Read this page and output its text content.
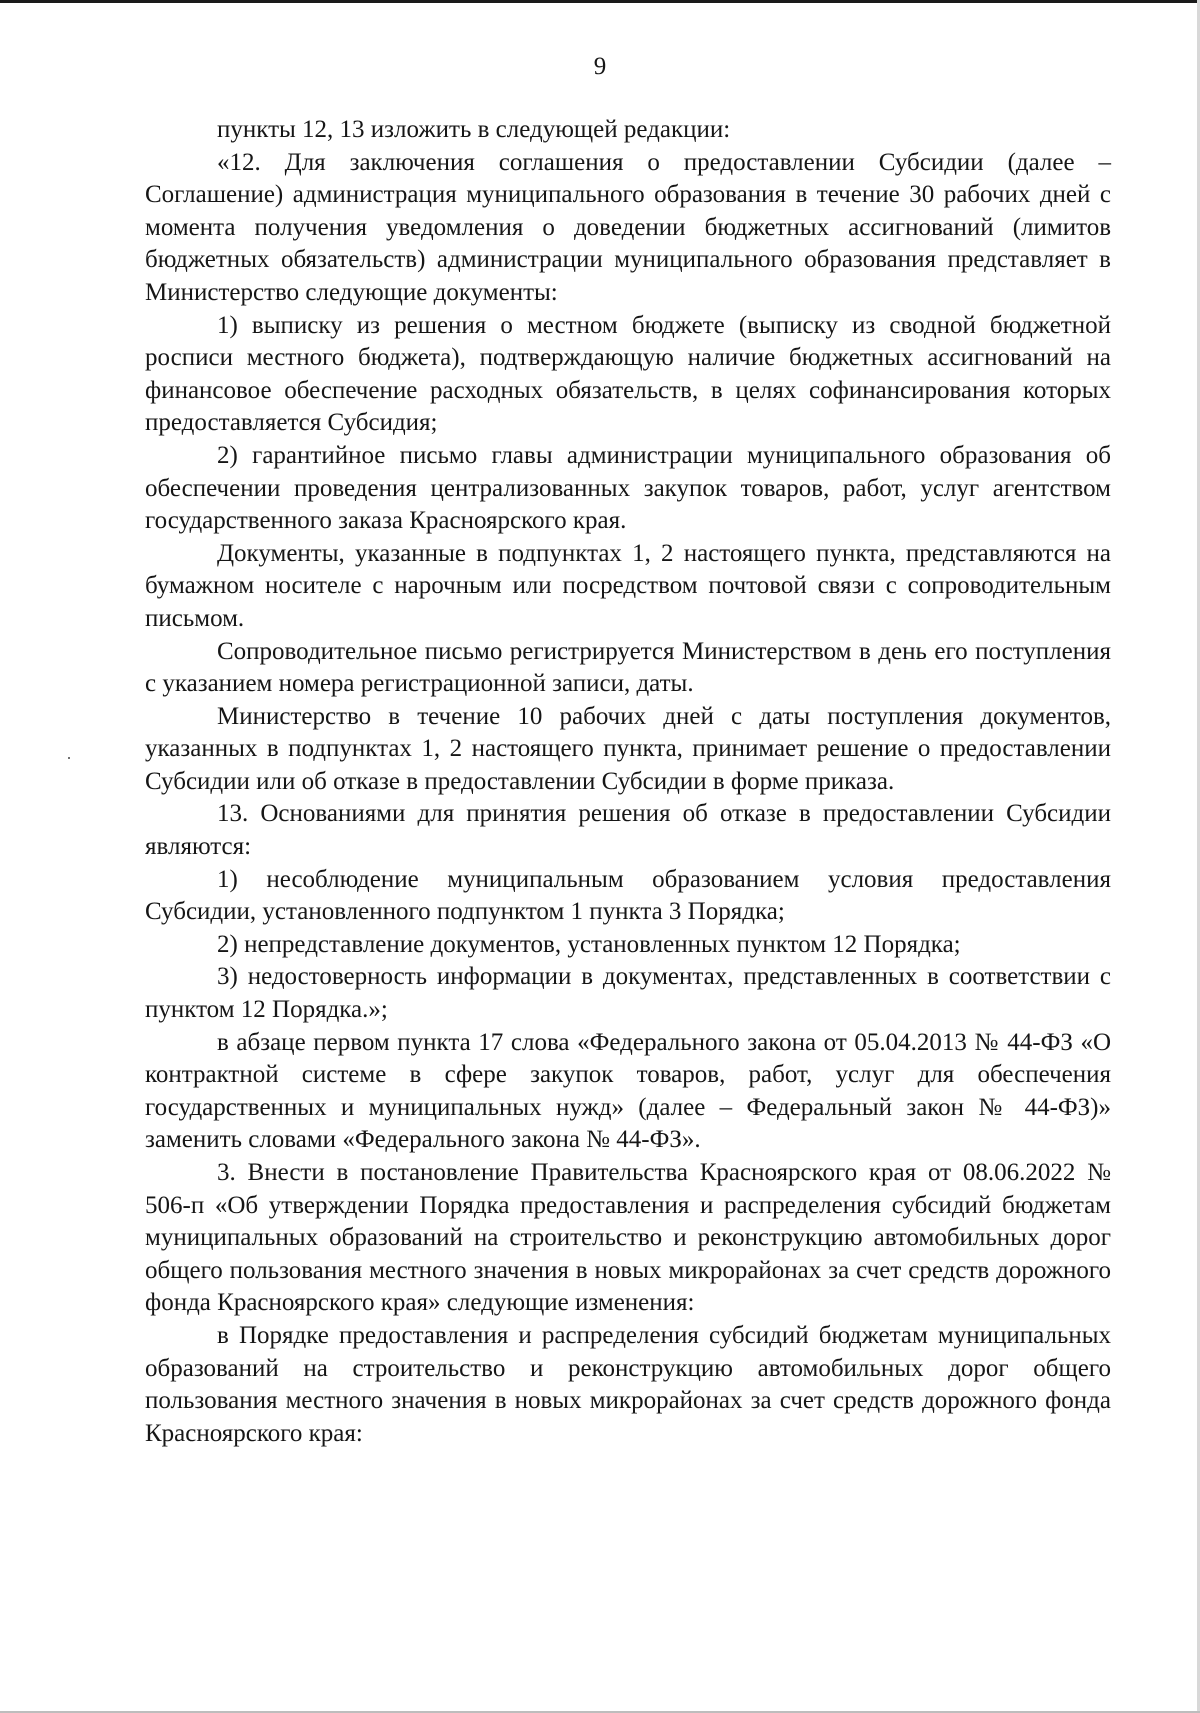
9

пункты 12, 13 изложить в следующей редакции:

«12. Для заключения соглашения о предоставлении Субсидии (далее – Соглашение) администрация муниципального образования в течение 30 рабочих дней с момента получения уведомления о доведении бюджетных ассигнований (лимитов бюджетных обязательств) администрации муниципального образования представляет в Министерство следующие документы:

1) выписку из решения о местном бюджете (выписку из сводной бюджетной росписи местного бюджета), подтверждающую наличие бюджетных ассигнований на финансовое обеспечение расходных обязательств, в целях софинансирования которых предоставляется Субсидия;

2) гарантийное письмо главы администрации муниципального образования об обеспечении проведения централизованных закупок товаров, работ, услуг агентством государственного заказа Красноярского края.

Документы, указанные в подпунктах 1, 2 настоящего пункта, представляются на бумажном носителе с нарочным или посредством почтовой связи с сопроводительным письмом.

Сопроводительное письмо регистрируется Министерством в день его поступления с указанием номера регистрационной записи, даты.

Министерство в течение 10 рабочих дней с даты поступления документов, указанных в подпунктах 1, 2 настоящего пункта, принимает решение о предоставлении Субсидии или об отказе в предоставлении Субсидии в форме приказа.

13. Основаниями для принятия решения об отказе в предоставлении Субсидии являются:

1) несоблюдение муниципальным образованием условия предоставления Субсидии, установленного подпунктом 1 пункта 3 Порядка;

2) непредставление документов, установленных пунктом 12 Порядка;

3) недостоверность информации в документах, представленных в соответствии с пунктом 12 Порядка.»;

в абзаце первом пункта 17 слова «Федерального закона от 05.04.2013 № 44-ФЗ «О контрактной системе в сфере закупок товаров, работ, услуг для обеспечения государственных и муниципальных нужд» (далее – Федеральный закон № 44-ФЗ)» заменить словами «Федерального закона № 44-ФЗ».

3. Внести в постановление Правительства Красноярского края от 08.06.2022 № 506-п «Об утверждении Порядка предоставления и распределения субсидий бюджетам муниципальных образований на строительство и реконструкцию автомобильных дорог общего пользования местного значения в новых микрорайонах за счет средств дорожного фонда Красноярского края» следующие изменения:

в Порядке предоставления и распределения субсидий бюджетам муниципальных образований на строительство и реконструкцию автомобильных дорог общего пользования местного значения в новых микрорайонах за счет средств дорожного фонда Красноярского края:
